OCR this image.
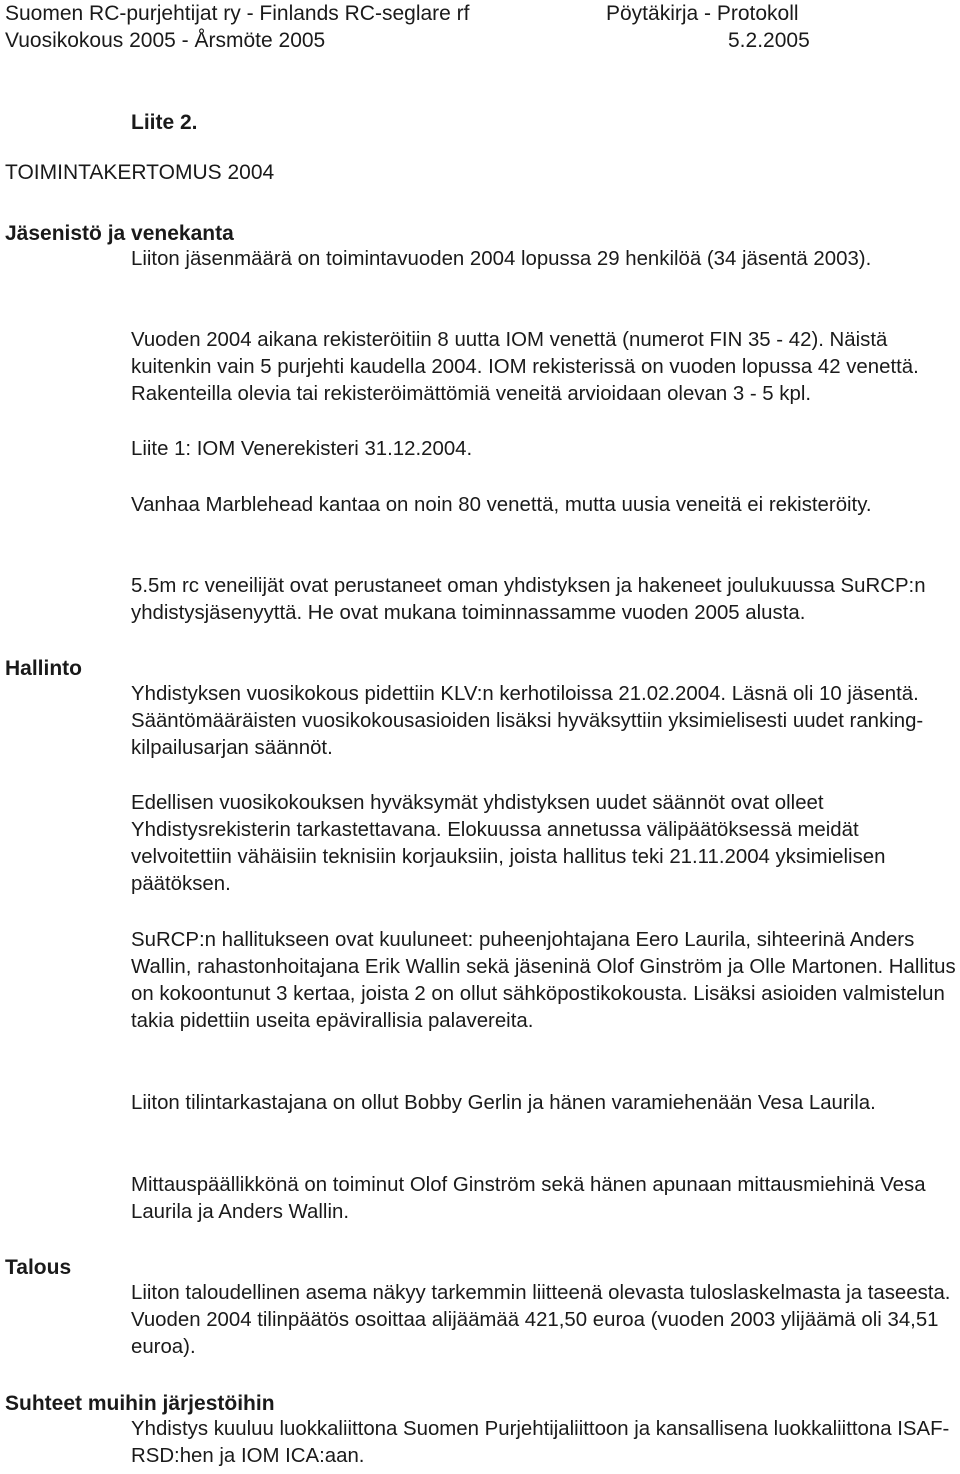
Suomen RC-purjehtijat ry - Finlands RC-seglare rf	Pöytäkirja - Protokoll

Vuosikokous 2005 - Årsmöte 2005	5.2.2005

Liite 2.

TOIMINTAKERTOMUS 2004

Jäsenistö ja venekanta

Liiton jäsenmäärä on toimintavuoden 2004 lopussa 29 henkilöä (34 jäsentä 2003).

Vuoden 2004 aikana rekisteröitiin 8 uutta IOM venettä (numerot FIN 35 - 42). Näistä kuitenkin vain 5 purjehti kaudella 2004. IOM rekisterissä on vuoden lopussa 42 venettä. Rakenteilla olevia tai rekisteröimättömiä veneitä arvioidaan olevan 3 - 5 kpl.

Liite 1: IOM Venerekisteri 31.12.2004.

Vanhaa Marblehead kantaa on noin 80 venettä, mutta uusia veneitä ei rekisteröity.

5.5m rc veneilijät ovat perustaneet oman yhdistyksen ja hakeneet joulukuussa SuRCP:n yhdistysjäsenyyttä. He ovat mukana toiminnassamme vuoden 2005 alusta.

Hallinto

Yhdistyksen vuosikokous pidettiin KLV:n kerhotiloissa 21.02.2004. Läsnä oli 10 jäsentä. Sääntömääräisten vuosikokousasioiden lisäksi hyväksyttiin yksimielisesti uudet ranking-kilpailusarjan säännöt.

Edellisen vuosikokouksen hyväksymät yhdistyksen uudet säännöt ovat olleet Yhdistysrekisterin tarkastettavana. Elokuussa annetussa välipäätöksessä meidät velvoitettiin vähäisiin teknisiin korjauksiin, joista hallitus teki 21.11.2004 yksimielisen päätöksen.

SuRCP:n hallitukseen ovat kuuluneet: puheenjohtajana Eero Laurila, sihteerinä Anders Wallin, rahastonhoitajana Erik Wallin sekä jäseninä Olof Ginström ja Olle Martonen. Hallitus on kokoontunut 3 kertaa, joista 2 on ollut sähköpostikokousta. Lisäksi asioiden valmistelun takia pidettiin useita epävirallisia palavereita.

Liiton tilintarkastajana on ollut Bobby Gerlin ja hänen varamiehenään Vesa Laurila.

Mittauspäällikkönä on toiminut Olof Ginström sekä hänen apunaan mittausmiehinä Vesa Laurila ja Anders Wallin.

Talous

Liiton taloudellinen asema näkyy tarkemmin liitteenä olevasta tuloslaskelmasta ja taseesta. Vuoden 2004 tilinpäätös osoittaa alijäämää 421,50 euroa (vuoden 2003 ylijäämä oli 34,51 euroa).

Suhteet muihin järjestöihin

Yhdistys kuuluu luokkaliittona Suomen Purjehtijaliittoon ja kansallisena luokkaliittona ISAF-RSD:hen ja IOM ICA:aan.
